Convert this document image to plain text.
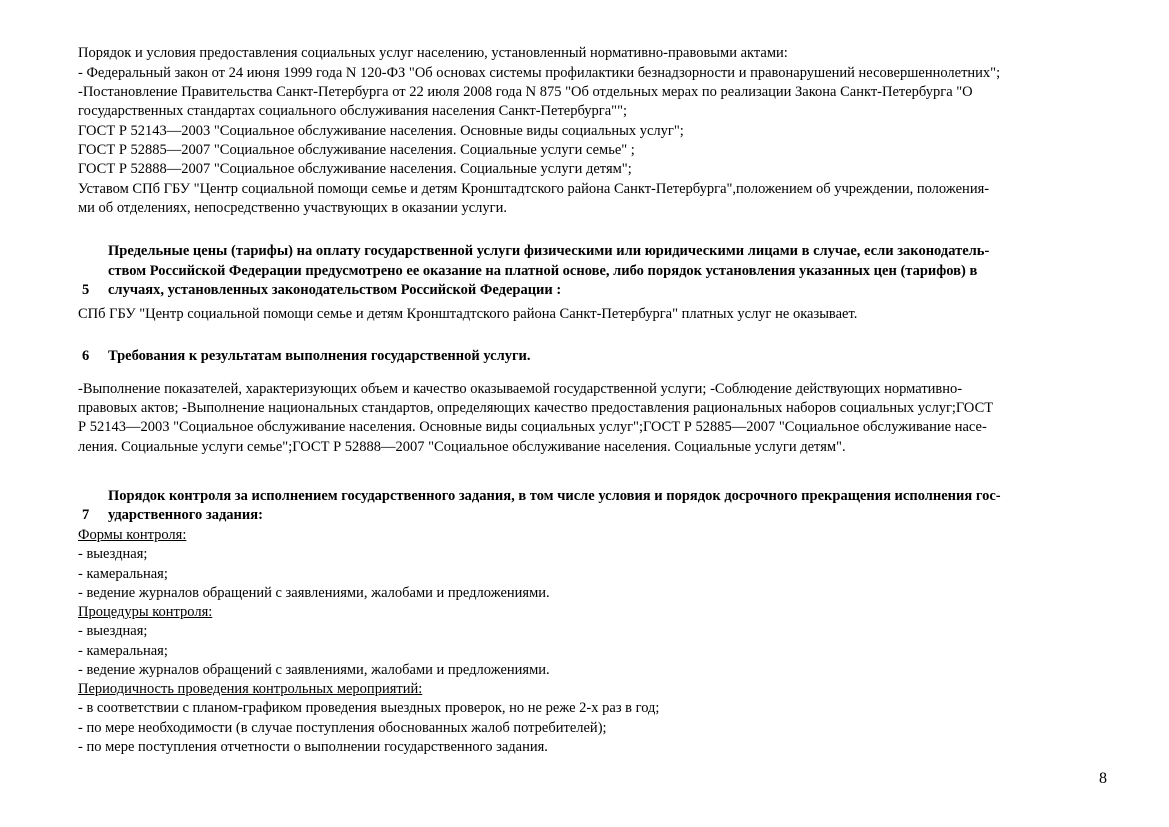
Порядок и условия предоставления социальных услуг населению, установленный нормативно-правовыми актами:
- Федеральный закон от 24 июня 1999 года N 120-ФЗ "Об основах системы профилактики безнадзорности и правонарушений несовершеннолетних";
-Постановление Правительства Санкт-Петербурга от 22 июля 2008 года N 875 "Об отдельных мерах по реализации Закона Санкт-Петербурга "О
государственных стандартах социального обслуживания населения Санкт-Петербурга"";
ГОСТ Р 52143—2003 "Социальное обслуживание населения. Основные виды социальных услуг";
ГОСТ Р 52885—2007 "Социальное обслуживание населения. Социальные услуги семье" ;
ГОСТ Р 52888—2007 "Социальное обслуживание населения. Социальные услуги детям";
Уставом СПб ГБУ "Центр социальной помощи семье и детям Кронштадтского района Санкт-Петербурга",положением об учреждении, положения-
ми об отделениях, непосредственно участвующих в оказании услуги.
Предельные цены (тарифы) на оплату государственной услуги физическими или юридическими лицами в случае, если законодатель-
ством Российской Федерации предусмотрено ее оказание на платной основе, либо порядок установления указанных цен (тарифов) в
5 случаях, установленных законодательством Российской Федерации :
СПб ГБУ "Центр социальной помощи семье и детям Кронштадтского района Санкт-Петербурга" платных услуг не оказывает.
6 Требования к результатам выполнения государственной услуги.
-Выполнение показателей, характеризующих объем и качество оказываемой государственной услуги; -Соблюдение действующих нормативно-
правовых актов; -Выполнение национальных стандартов, определяющих качество предоставления рациональных наборов социальных услуг;ГОСТ
Р 52143—2003 "Социальное обслуживание населения. Основные виды социальных услуг";ГОСТ Р 52885—2007 "Социальное обслуживание насе-
ления. Социальные услуги семье";ГОСТ Р 52888—2007 "Социальное обслуживание населения. Социальные услуги детям".
Порядок контроля за исполнением государственного задания, в том числе условия и порядок досрочного прекращения исполнения гос-
7 ударственного задания:
Формы контроля:
- выездная;
- камеральная;
- ведение журналов обращений с заявлениями, жалобами и предложениями.
Процедуры контроля:
- выездная;
- камеральная;
- ведение журналов обращений с заявлениями, жалобами и предложениями.
Периодичность проведения контрольных мероприятий:
- в соответствии с планом-графиком проведения выездных проверок, но не реже 2-х раз в год;
- по мере необходимости (в случае поступления обоснованных жалоб потребителей);
- по мере поступления отчетности о выполнении государственного задания.
8
